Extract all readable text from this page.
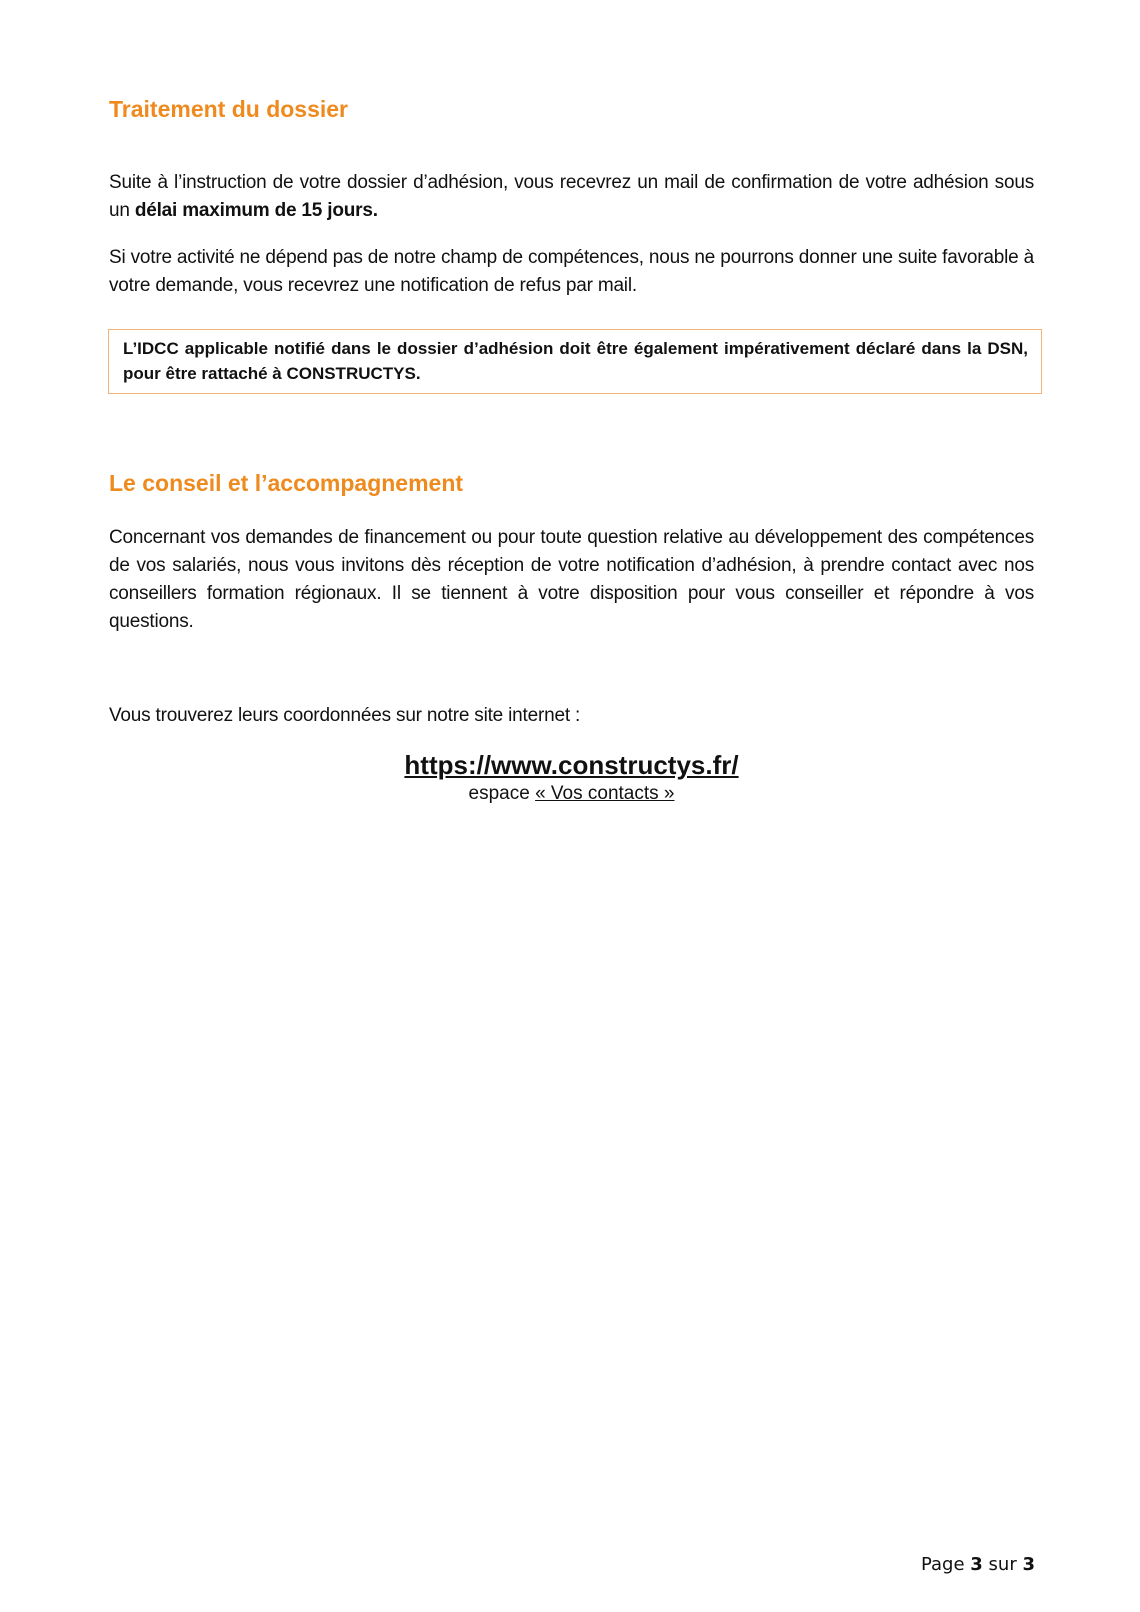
Traitement du dossier

Suite à l’instruction de votre dossier d’adhésion, vous recevrez un mail de confirmation de votre adhésion sous un délai maximum de 15 jours.

Si votre activité ne dépend pas de notre champ de compétences, nous ne pourrons donner une suite favorable à votre demande, vous recevrez une notification de refus par mail.

L’IDCC applicable notifié dans le dossier d’adhésion doit être également impérativement déclaré dans la DSN, pour être rattaché à CONSTRUCTYS.
Le conseil et l’accompagnement

Concernant vos demandes de financement ou pour toute question relative au développement des compétences de vos salariés, nous vous invitons dès réception de votre notification d’adhésion, à prendre contact avec nos conseillers formation régionaux. Il se tiennent à votre disposition pour vous conseiller et répondre à vos questions.

Vous trouverez leurs coordonnées sur notre site internet :

https://www.constructys.fr/
espace « Vos contacts »
Page 3 sur 3
